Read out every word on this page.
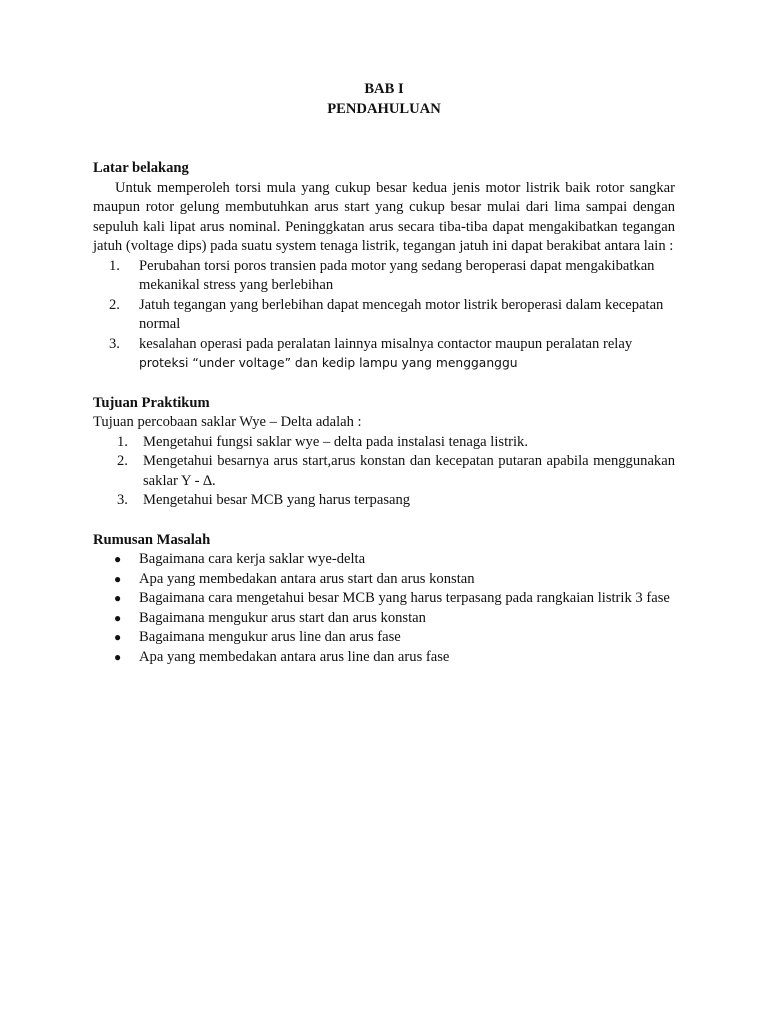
BAB I
PENDAHULUAN

Latar belakang

Untuk memperoleh torsi mula yang cukup besar kedua jenis motor listrik baik rotor sangkar maupun rotor gelung membutuhkan arus start yang cukup besar mulai dari lima sampai dengan sepuluh kali lipat arus nominal. Peninggkatan arus secara tiba-tiba dapat mengakibatkan tegangan jatuh (voltage dips) pada suatu system tenaga listrik, tegangan jatuh ini dapat berakibat antara lain :

1. Perubahan torsi poros transien pada motor yang sedang beroperasi dapat mengakibatkan mekanikal stress yang berlebihan
2. Jatuh tegangan yang berlebihan dapat mencegah motor listrik beroperasi dalam kecepatan normal
3. kesalahan operasi pada peralatan lainnya misalnya contactor maupun peralatan relay
proteksi “under voltage” dan kedip lampu yang mengganggu

Tujuan Praktikum

Tujuan percobaan saklar Wye – Delta adalah :

1. Mengetahui fungsi saklar wye – delta pada instalasi tenaga listrik.
2. Mengetahui besarnya arus start,arus konstan dan kecepatan putaran apabila menggunakan saklar Y - ∆.
3. Mengetahui besar MCB yang harus terpasang

Rumusan Masalah

● Bagaimana cara kerja saklar wye-delta
● Apa yang membedakan antara arus start dan arus konstan
● Bagaimana cara mengetahui besar MCB yang harus terpasang pada rangkaian listrik 3 fase
● Bagaimana mengukur arus start dan arus konstan
● Bagaimana mengukur arus line dan arus fase
● Apa yang membedakan antara arus line dan arus fase
